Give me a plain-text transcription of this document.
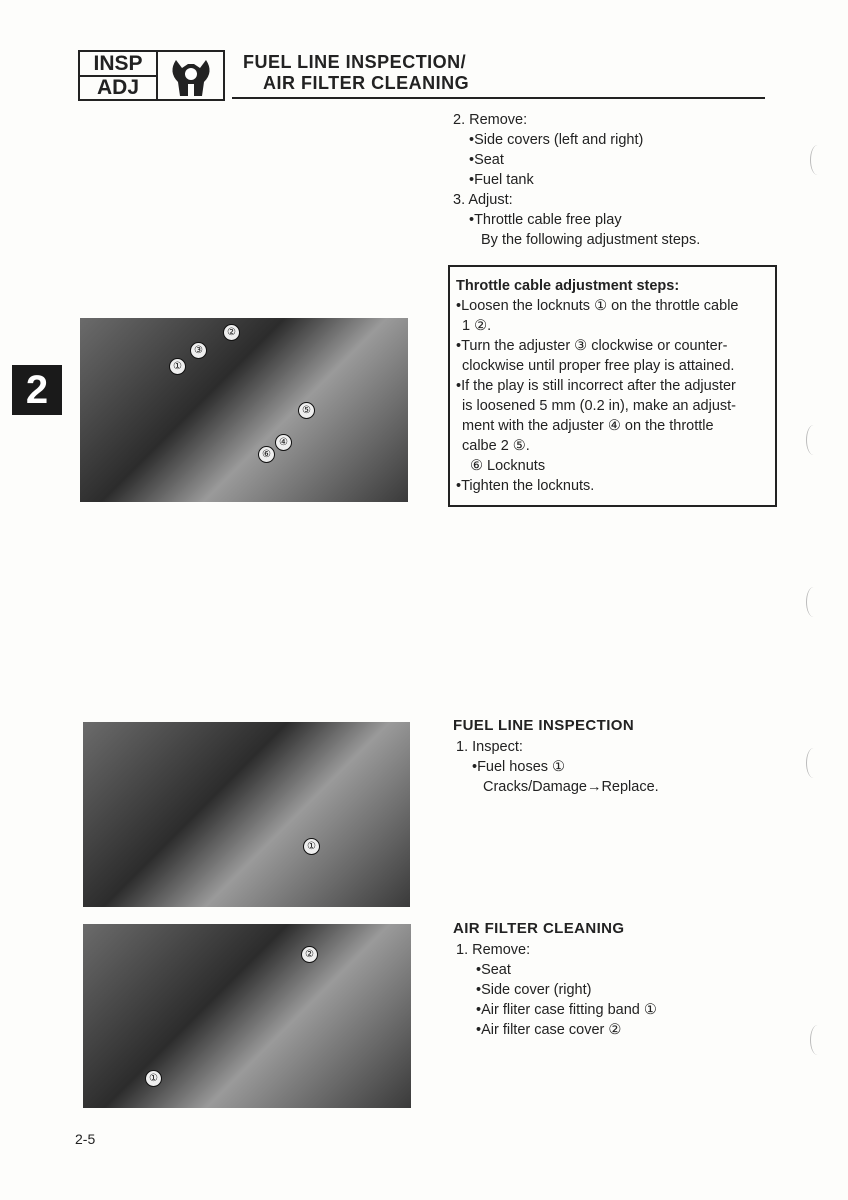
INSP
ADJ
FUEL LINE INSPECTION/
AIR FILTER CLEANING
2. Remove:
•Side covers (left and right)
•Seat
•Fuel tank
3. Adjust:
•Throttle cable free play
By the following adjustment steps.
Throttle cable adjustment steps:
•Loosen the locknuts ① on the throttle cable
1 ②.
•Turn the adjuster ③ clockwise or counter-
clockwise until proper free play is attained.
•If the play is still incorrect after the adjuster
is loosened 5 mm (0.2 in), make an adjust-
ment with the adjuster ④ on the throttle
calbe 2 ⑤.
⑥ Locknuts
•Tighten the locknuts.
2
①
②
③
④
⑤
⑥
FUEL LINE INSPECTION
1. Inspect:
•Fuel hoses ①
Cracks/Damage→Replace.
①
AIR FILTER CLEANING
1. Remove:
•Seat
•Side cover (right)
•Air fliter case fitting band ①
•Air filter case cover ②
①
②
2-5
